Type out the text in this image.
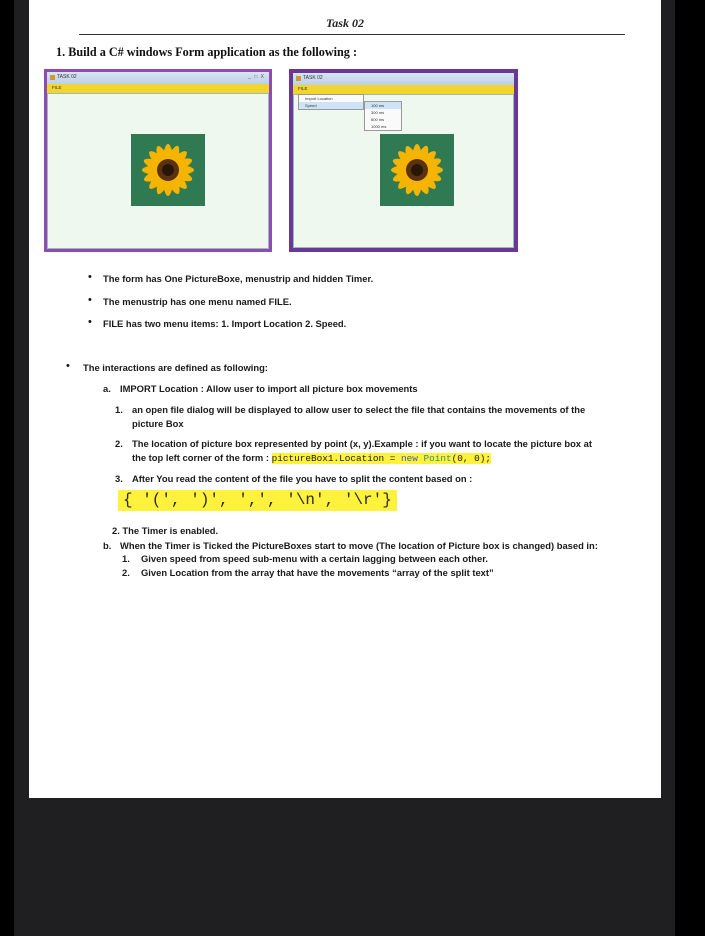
Task 02
1. Build a C# windows Form application as the following :
TASK 02	_ □ X
FILE
TASK 02
FILE
Import Location
Speed	100 ms
300 ms
600 ms
1000 ms
• The form has One PictureBoxe, menustrip and hidden Timer.
• The menustrip has one menu named FILE.
• FILE has two menu items: 1. Import Location 2. Speed.
• The interactions are defined as following:
a. IMPORT Location : Allow user to import all picture box movements
1. an open file dialog will be displayed to allow user to select the file that contains the movements of the
picture Box
2. The location of picture box represented by point (x, y).Example : if you want to locate the picture box at
the top left corner of the form : pictureBox1.Location = new Point(0, 0);
3. After You read the content of the file you have to split the content based on :
{ '(', ')', ',', '\n', '\r'}
2. The Timer is enabled.
b. When the Timer is Ticked the PictureBoxes start to move (The location of Picture box is changed) based in:
1. Given speed from speed sub-menu with a certain lagging between each other.
2. Given Location from the array that have the movements “array of the split text”
